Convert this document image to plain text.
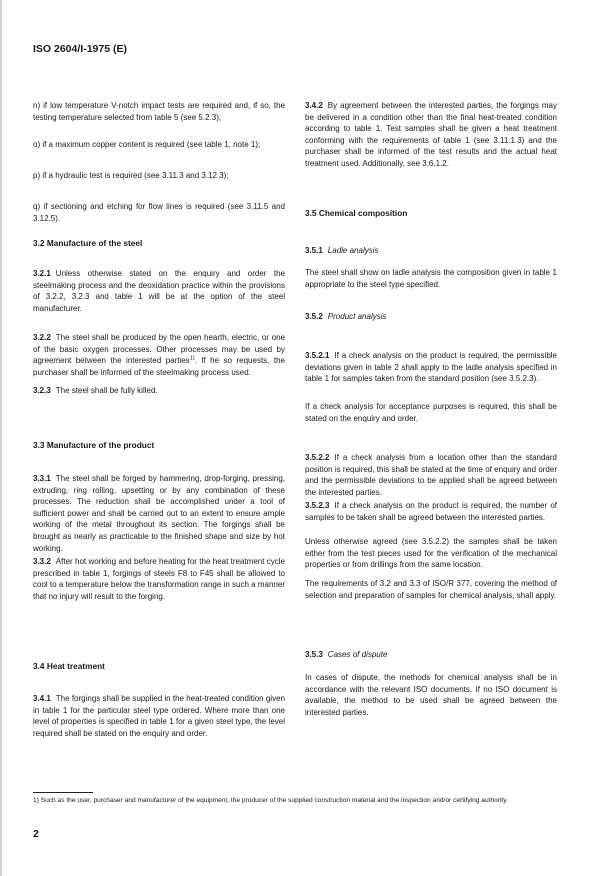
ISO 2604/I-1975 (E)
n) if low temperature V-notch impact tests are required and, if so, the testing temperature selected from table 5 (see 5.2.3);
o) if a maximum copper content is required (see table 1, note 1);
p) if a hydraulic test is required (see 3.11.3 and 3.12.3);
q) if sectioning and etching for flow lines is required (see 3.11.5 and 3.12.5).
3.2 Manufacture of the steel
3.2.1 Unless otherwise stated on the enquiry and order the steelmaking process and the deoxidation practice within the provisions of 3.2.2, 3.2.3 and table 1 will be at the option of the steel manufacturer.
3.2.2 The steel shall be produced by the open hearth, electric, or one of the basic oxygen processes. Other processes may be used by agreement between the interested parties$^{1)}$. If he so requests, the purchaser shall be informed of the steelmaking process used.
3.2.3 The steel shall be fully killed.
3.3 Manufacture of the product
3.3.1 The steel shall be forged by hammering, drop-forging, pressing, extruding, ring rolling, upsetting or by any combination of these processes. The reduction shall be accomplished under a tool of sufficient power and shall be carried out to an extent to ensure ample working of the metal throughout its section. The forgings shall be brought as nearly as practicable to the finished shape and size by hot working.
3.3.2 After hot working and before heating for the heat treatment cycle prescribed in table 1, forgings of steels F8 to F45 shall be allowed to cool to a temperature below the transformation range in such a manner that no injury will result to the forging.
3.4 Heat treatment
3.4.1 The forgings shall be supplied in the heat-treated condition given in table 1 for the particular steel type ordered. Where more than one level of properties is specified in table 1 for a given steel type, the level required shall be stated on the enquiry and order.
3.4.2 By agreement between the interested parties, the forgings may be delivered in a condition other than the final heat-treated condition according to table 1. Test samples shall be given a heat treatment conforming with the requirements of table 1 (see 3.11.1.3) and the purchaser shall be informed of the test results and the actual heat treatment used. Additionally, see 3.6.1.2.
3.5 Chemical composition
3.5.1 Ladle analysis
The steel shall show on ladle analysis the composition given in table 1 appropriate to the steel type specified.
3.5.2 Product analysis
3.5.2.1 If a check analysis on the product is required, the permissible deviations given in table 2 shall apply to the ladle analysis specified in table 1 for samples taken from the standard position (see 3.5.2.3).
If a check analysis for acceptance purposes is required, this shall be stated on the enquiry and order.
3.5.2.2 If a check analysis from a location other than the standard position is required, this shall be stated at the time of enquiry and order and the permissible deviations to be applied shall be agreed between the interested parties.
3.5.2.3 If a check analysis on the product is required, the number of samples to be taken shall be agreed between the interested parties.
Unless otherwise agreed (see 3.5.2.2) the samples shall be taken either from the test pieces used for the verification of the mechanical properties or from drillings from the same location.
The requirements of 3.2 and 3.3 of ISO/R 377, covering the method of selection and preparation of samples for chemical analysis, shall apply.
3.5.3 Cases of dispute
In cases of dispute, the methods for chemical analysis shall be in accordance with the relevant ISO documents. If no ISO document is available, the method to be used shall be agreed between the interested parties.
1) Such as the user, purchaser and manufacturer of the equipment, the producer of the supplied construction material and the inspection and/or certifying authority.
2
